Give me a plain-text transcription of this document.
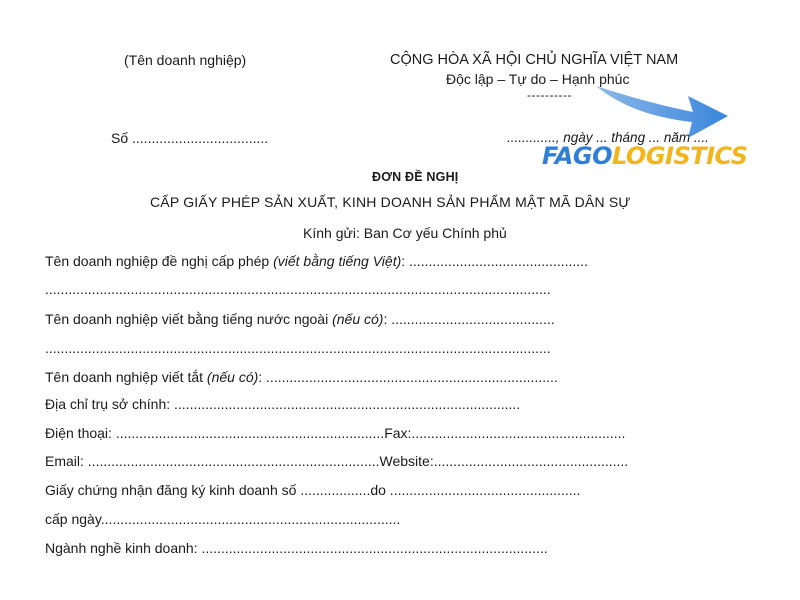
(Tên doanh nghiệp)	CỘNG HÒA XÃ HỘI CHỦ NGHĨA VIỆT NAM
Độc lập – Tự do – Hạnh phúc
----------
Số ...................................	............., ngày ... tháng ... năm ....
ĐƠN ĐỀ NGHỊ
CẤP GIẤY PHÉP SẢN XUẤT, KINH DOANH SẢN PHẨM MẬT MÃ DÂN SỰ
Kính gửi: Ban Cơ yếu Chính phủ
Tên doanh nghiệp đề nghị cấp phép (viết bằng tiếng Việt): ..............................................
..................................................................................................................................
Tên doanh nghiệp viết bằng tiếng nước ngoài (nếu có): ..........................................
..................................................................................................................................
Tên doanh nghiệp viết tắt (nếu có): ...........................................................................
Địa chỉ trụ sở chính: .........................................................................................
Điện thoại: .....................................................................Fax:.......................................................
Email: ...........................................................................Website:..................................................
Giấy chứng nhận đăng ký kinh doanh số ..................do .................................................
cấp ngày.............................................................................
Ngành nghề kinh doanh: .........................................................................................
FAGOLOGISTICS
